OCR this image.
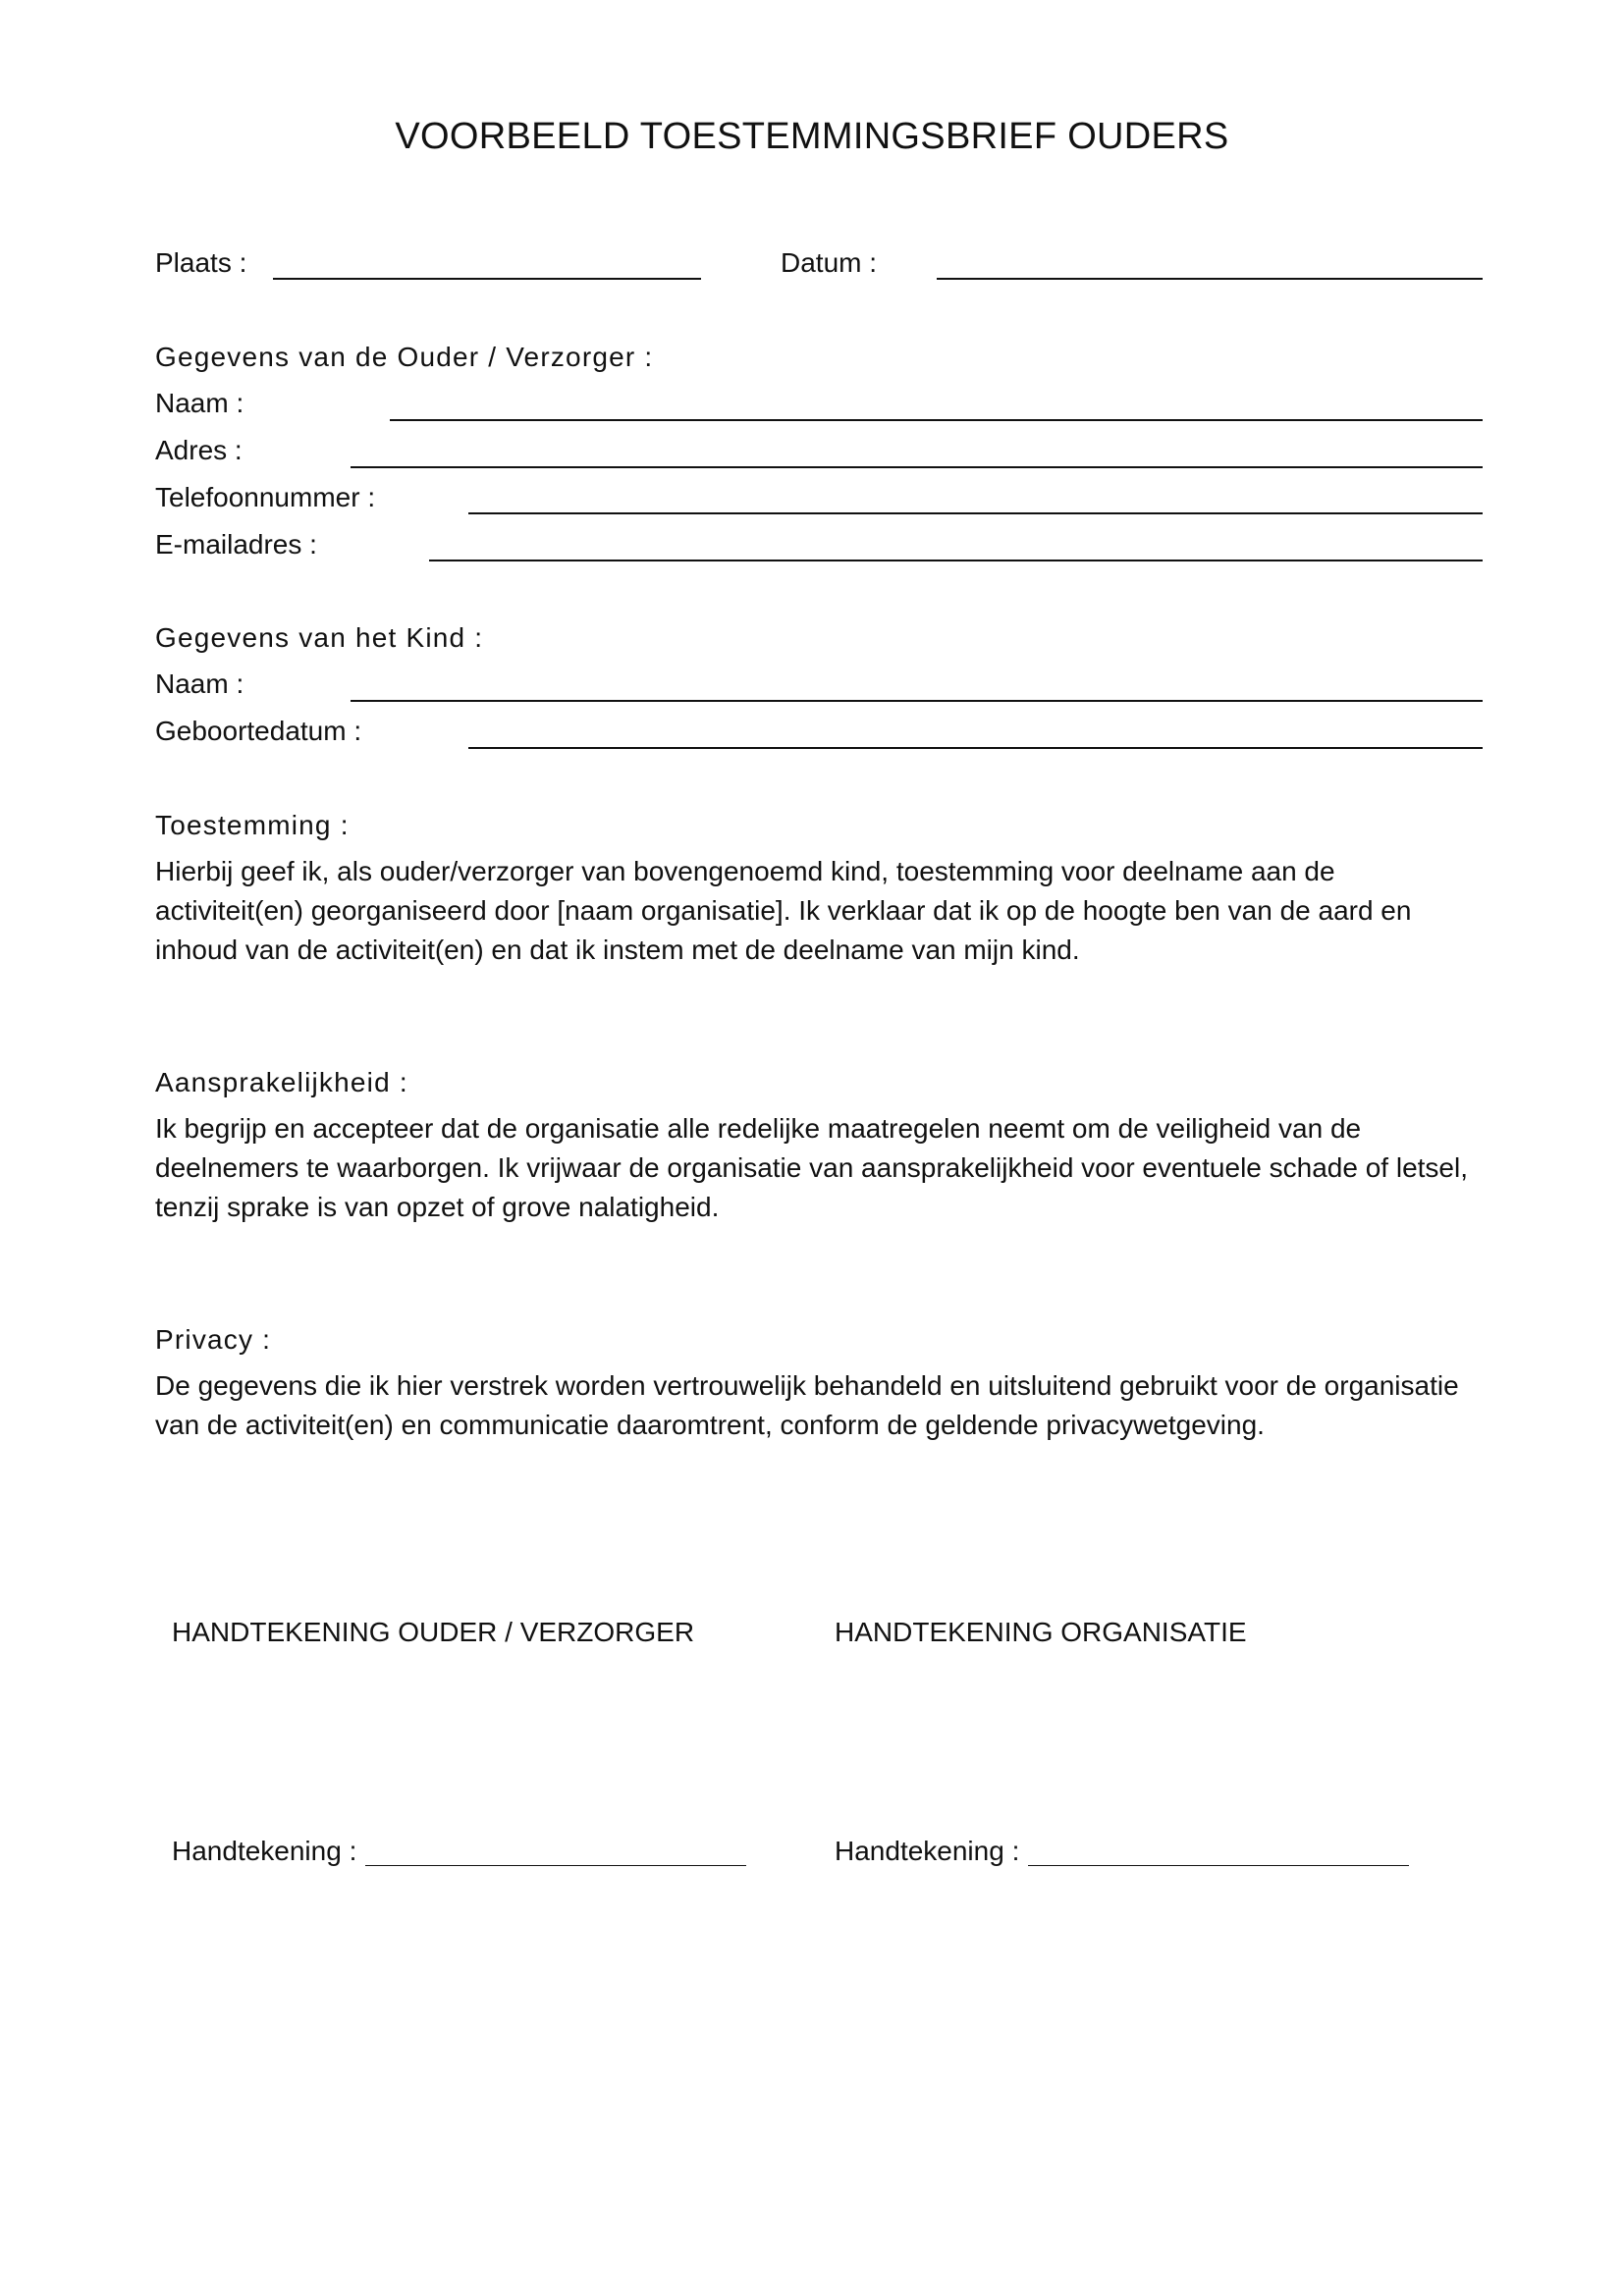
VOORBEELD TOESTEMMINGSBRIEF OUDERS
Plaats :	Datum :
Gegevens van de Ouder / Verzorger :
Naam :
Adres :
Telefoonnummer :
E-mailadres :
Gegevens van het Kind :
Naam :
Geboortedatum :
Toestemming :
Hierbij geef ik, als ouder/verzorger van bovengenoemd kind, toestemming voor deelname aan de activiteit(en) georganiseerd door [naam organisatie]. Ik verklaar dat ik op de hoogte ben van de aard en inhoud van de activiteit(en) en dat ik instem met de deelname van mijn kind.
Aansprakelijkheid :
Ik begrijp en accepteer dat de organisatie alle redelijke maatregelen neemt om de veiligheid van de deelnemers te waarborgen. Ik vrijwaar de organisatie van aansprakelijkheid voor eventuele schade of letsel, tenzij sprake is van opzet of grove nalatigheid.
Privacy :
De gegevens die ik hier verstrek worden vertrouwelijk behandeld en uitsluitend gebruikt voor de organisatie van de activiteit(en) en communicatie daaromtrent, conform de geldende privacywetgeving.
HANDTEKENING OUDER / VERZORGER	HANDTEKENING ORGANISATIE
Handtekening :	Handtekening :
